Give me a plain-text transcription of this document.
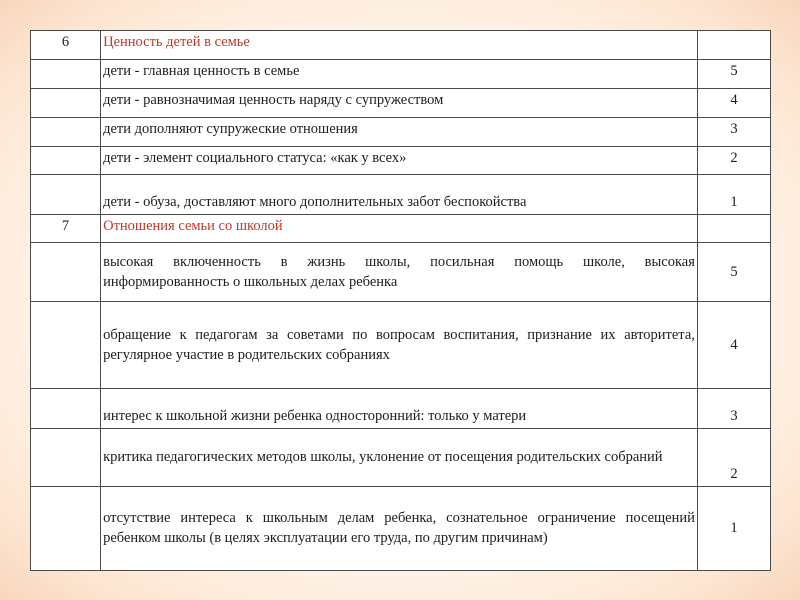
6	Ценность детей в семье	
	дети - главная ценность в семье	5
	дети - равнозначимая ценность наряду с супружеством	4
	дети дополняют супружеские отношения	3
	дети - элемент социального статуса: «как у всех»	2
	дети - обуза, доставляют много дополнительных забот беспокойства	1
7	Отношения семьи со школой	
	высокая включенность в жизнь школы, посильная помощь школе, высокая информированность о школьных делах ребенка	5
	обращение к педагогам за советами по вопросам воспитания, признание их авторитета, регулярное участие в родительских собраниях	4
	интерес к школьной жизни ребенка односторонний: только у матери	3
	критика педагогических методов школы, уклонение от посещения родительских собраний	2
	отсутствие интереса к школьным делам ребенка, сознательное ограничение посещений ребенком школы (в целях эксплуатации его труда, по другим причинам)	1
